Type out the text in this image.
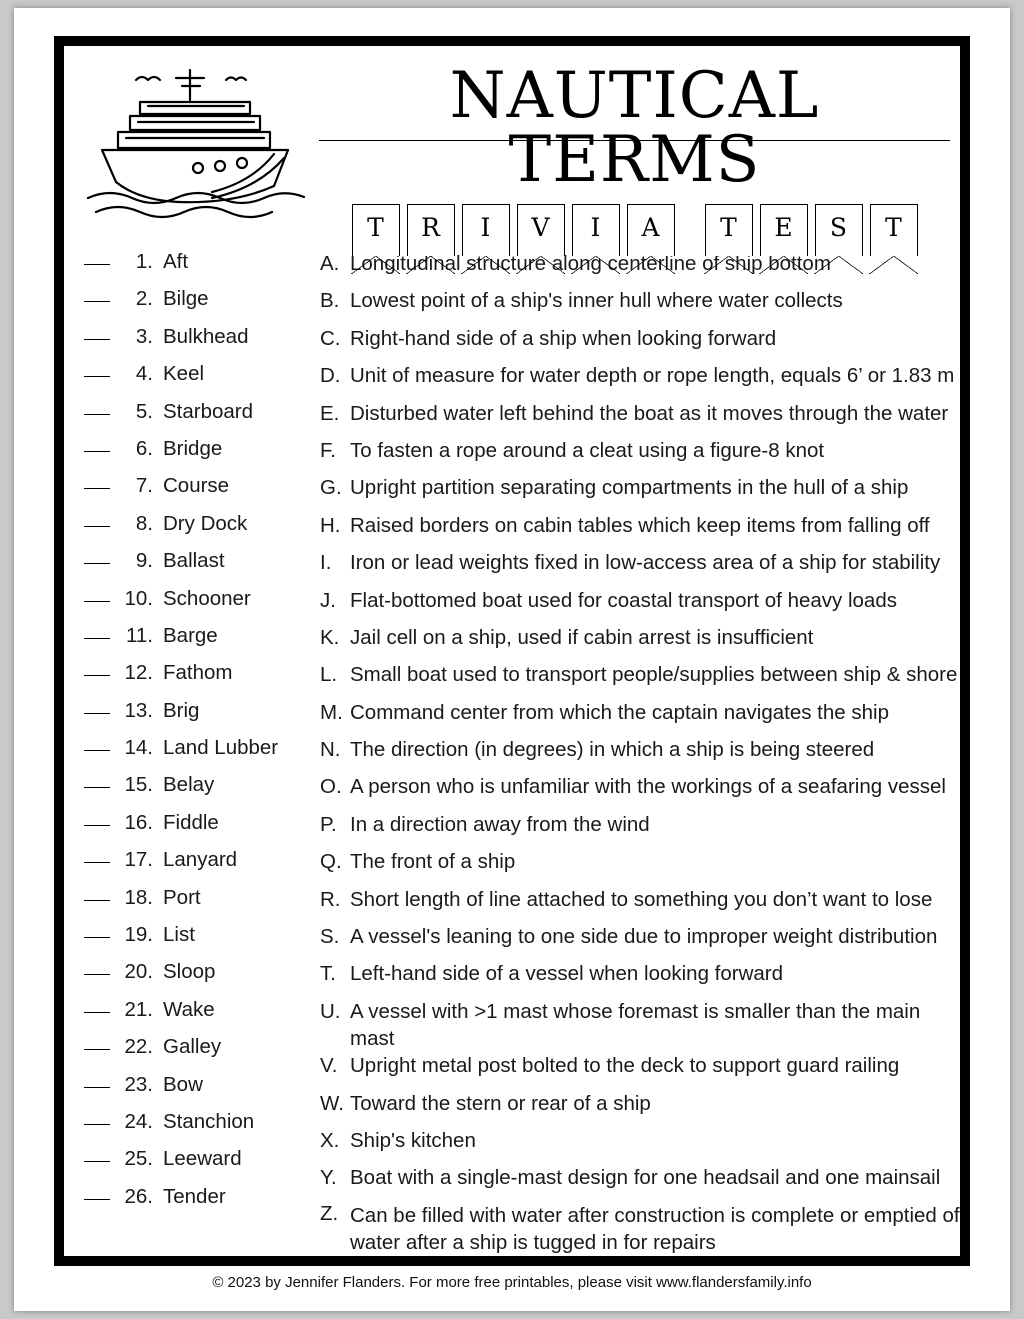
NAUTICAL TERMS
T R I V I A T E S T
1. Aft
2. Bilge
3. Bulkhead
4. Keel
5. Starboard
6. Bridge
7. Course
8. Dry Dock
9. Ballast
10. Schooner
11. Barge
12. Fathom
13. Brig
14. Land Lubber
15. Belay
16. Fiddle
17. Lanyard
18. Port
19. List
20. Sloop
21. Wake
22. Galley
23. Bow
24. Stanchion
25. Leeward
26. Tender
A.
B. Lowest point of a ship's inner hull where water collects
C. Right-hand side of a ship when looking forward
D. Unit of measure for water depth or rope length, equals 6’ or 1.83 m
E. Disturbed water left behind the boat as it moves through the water
F. To fasten a rope around a cleat using a figure-8 knot
G. Upright partition separating compartments in the hull of a ship
H. Raised borders on cabin tables which keep items from falling off
I. Iron or lead weights fixed in low-access area of a ship for stability
J. Flat-bottomed boat used for coastal transport of heavy loads
K. Jail cell on a ship, used if cabin arrest is insufficient
L. Small boat used to transport people/supplies between ship & shore
M. Command center from which the captain navigates the ship
N. The direction (in degrees) in which a ship is being steered
O. A person who is unfamiliar with the workings of a seafaring vessel
P. In a direction away from the wind
Q. The front of a ship
R. Short length of line attached to something you don’t want to lose
S. A vessel's leaning to one side due to improper weight distribution
T. Left-hand side of a vessel when looking forward
U. A vessel with >1 mast whose foremast is smaller than the main mast
V. Upright metal post bolted to the deck to support guard railing
W. Toward the stern or rear of a ship
X. Ship's kitchen
Y. Boat with a single-mast design for one headsail and one mainsail
Z. Can be filled with water after construction is complete or emptied of water after a ship is tugged in for repairs
© 2023 by Jennifer Flanders. For more free printables, please visit www.flandersfamily.info
